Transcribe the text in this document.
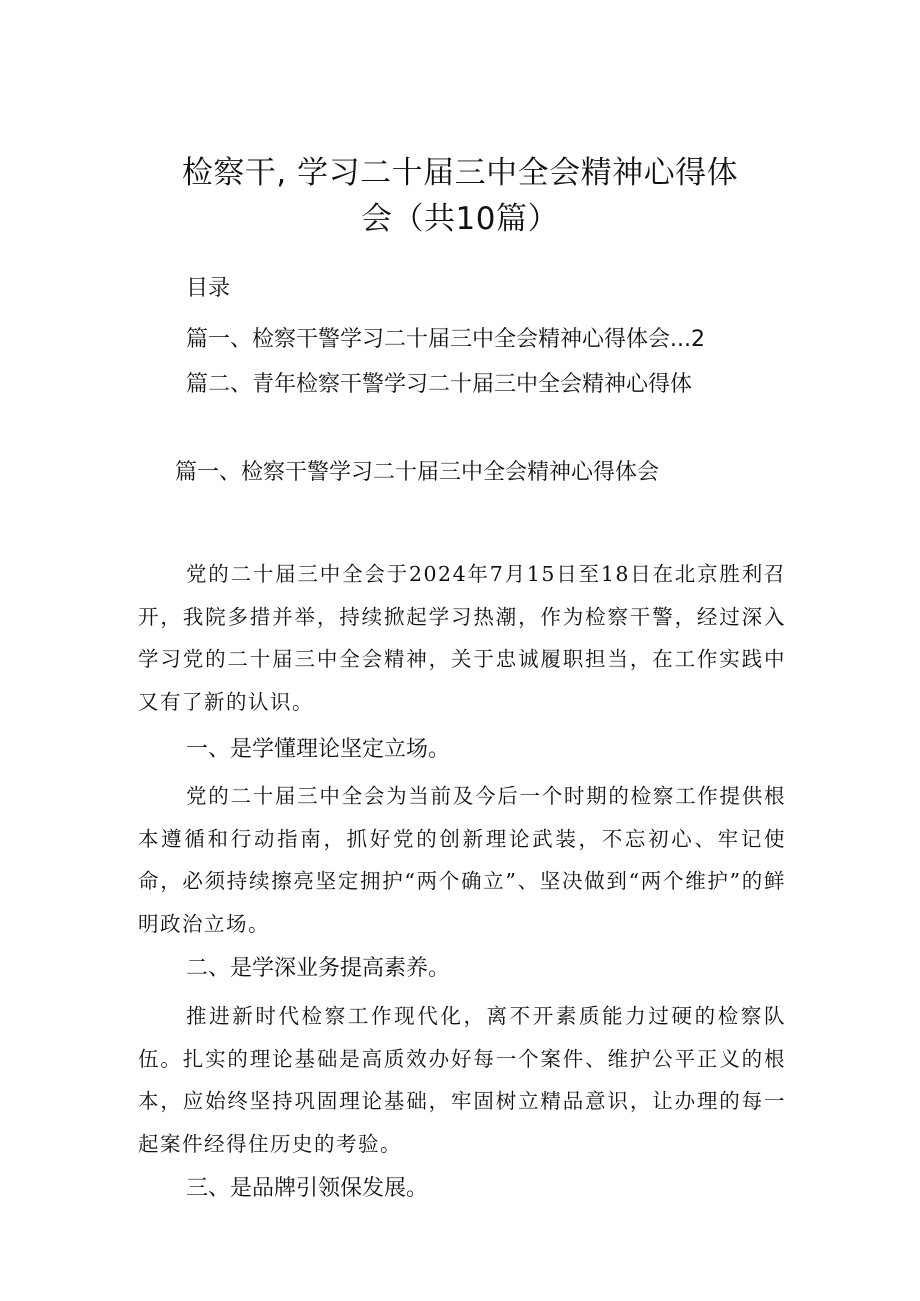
检察干, 学习二十届三中全会精神心得体
会（共10篇）
目录
篇一、检察干警学习二十届三中全会精神心得体会...2
篇二、青年检察干警学习二十届三中全会精神心得体
篇一、检察干警学习二十届三中全会精神心得体会

党的二十届三中全会于2024年7月15日至18日在北京胜利召开，我院多措并举，持续掀起学习热潮，作为检察干警，经过深入学习党的二十届三中全会精神，关于忠诚履职担当，在工作实践中又有了新的认识。

一、是学懂理论坚定立场。

党的二十届三中全会为当前及今后一个时期的检察工作提供根本遵循和行动指南，抓好党的创新理论武装，不忘初心、牢记使命，必须持续擦亮坚定拥护“两个确立”、坚决做到“两个维护”的鲜明政治立场。

二、是学深业务提高素养。

推进新时代检察工作现代化，离不开素质能力过硬的检察队伍。扎实的理论基础是高质效办好每一个案件、维护公平正义的根本，应始终坚持巩固理论基础，牢固树立精品意识，让办理的每一起案件经得住历史的考验。

三、是品牌引领保发展。
